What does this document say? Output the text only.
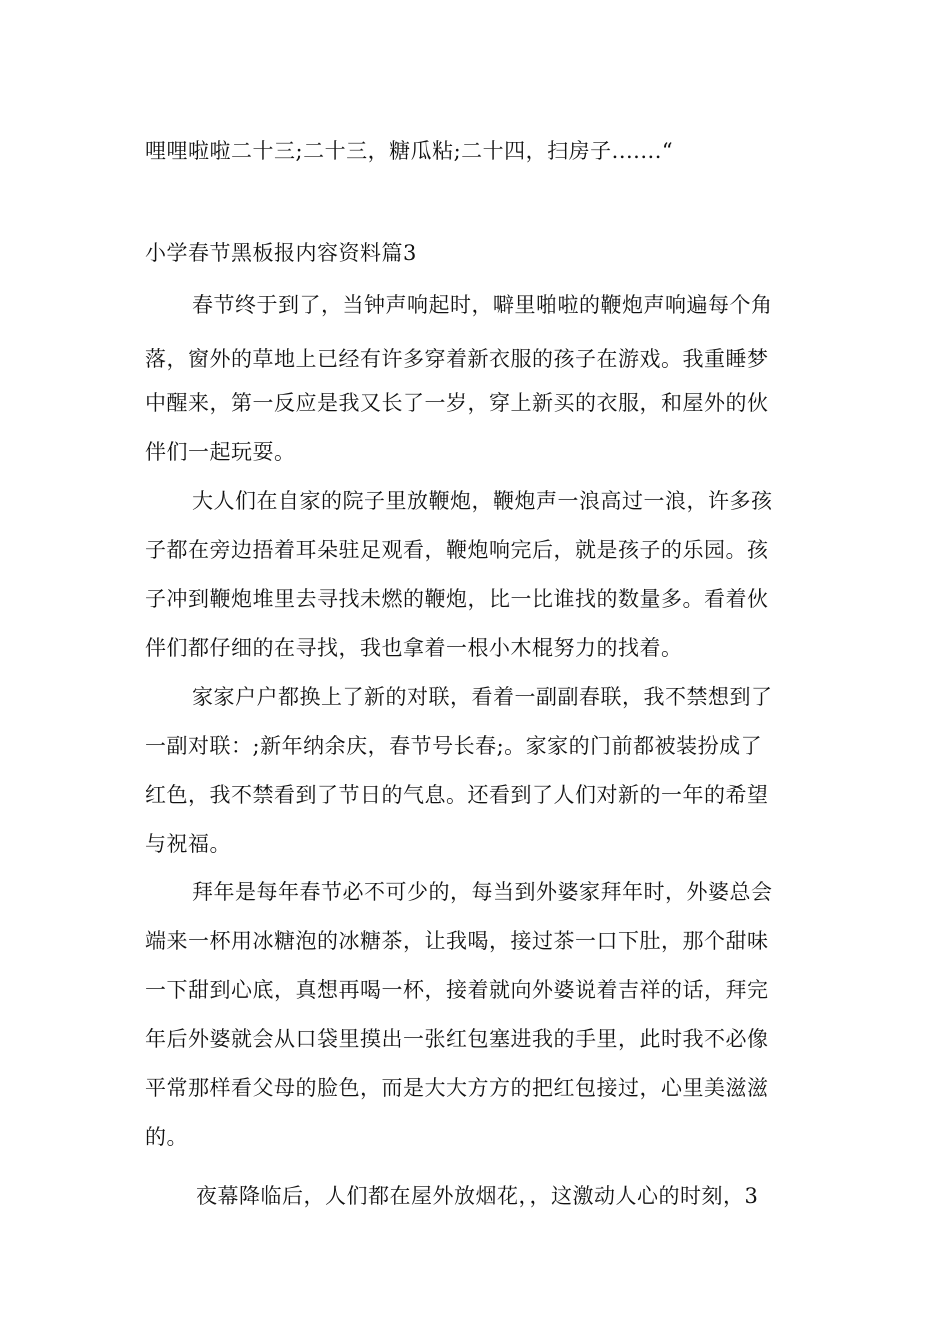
哩哩啦啦二十三;二十三，糖瓜粘;二十四，扫房子.......“
小学春节黑板报内容资料篇3
春节终于到了，当钟声响起时，噼里啪啦的鞭炮声响遍每个角
落，窗外的草地上已经有许多穿着新衣服的孩子在游戏。我重睡梦
中醒来，第一反应是我又长了一岁，穿上新买的衣服，和屋外的伙
伴们一起玩耍。
大人们在自家的院子里放鞭炮，鞭炮声一浪高过一浪，许多孩
子都在旁边捂着耳朵驻足观看，鞭炮响完后，就是孩子的乐园。孩
子冲到鞭炮堆里去寻找未燃的鞭炮，比一比谁找的数量多。看着伙
伴们都仔细的在寻找，我也拿着一根小木棍努力的找着。
家家户户都换上了新的对联，看着一副副春联，我不禁想到了
一副对联：;新年纳余庆，春节号长春;。家家的门前都被装扮成了
红色，我不禁看到了节日的气息。还看到了人们对新的一年的希望
与祝福。
拜年是每年春节必不可少的，每当到外婆家拜年时，外婆总会
端来一杯用冰糖泡的冰糖茶，让我喝，接过茶一口下肚，那个甜味
一下甜到心底，真想再喝一杯，接着就向外婆说着吉祥的话，拜完
年后外婆就会从口袋里摸出一张红包塞进我的手里，此时我不必像
平常那样看父母的脸色，而是大大方方的把红包接过，心里美滋滋
的。
夜幕降临后，人们都在屋外放烟花，，这激动人心的时刻，3
